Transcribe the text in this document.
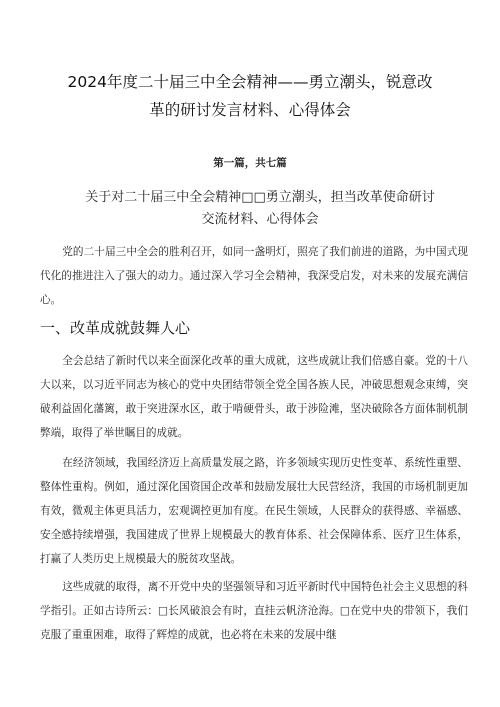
2024年度二十届三中全会精神——勇立潮头，锐意改
革的研讨发言材料、心得体会
第一篇，共七篇
关于对二十届三中全会精神□□勇立潮头，担当改革使命研讨
交流材料、心得体会

党的二十届三中全会的胜利召开，如同一盏明灯，照亮了我们前进的道路，为中国式现代化的推进注入了强大的动力。通过深入学习全会精神，我深受启发，对未来的发展充满信心。

一、改革成就鼓舞人心

全会总结了新时代以来全面深化改革的重大成就，这些成就让我们倍感自豪。党的十八大以来，以习近平同志为核心的党中央团结带领全党全国各族人民，冲破思想观念束缚，突破利益固化藩篱，敢于突进深水区，敢于啃硬骨头，敢于涉险滩，坚决破除各方面体制机制弊端，取得了举世瞩目的成就。

在经济领域，我国经济迈上高质量发展之路，许多领域实现历史性变革、系统性重塑、整体性重构。例如，通过深化国资国企改革和鼓励发展壮大民营经济，我国的市场机制更加有效，微观主体更具活力，宏观调控更加有度。在民生领域，人民群众的获得感、幸福感、安全感持续增强，我国建成了世界上规模最大的教育体系、社会保障体系、医疗卫生体系，打赢了人类历史上规模最大的脱贫攻坚战。

这些成就的取得，离不开党中央的坚强领导和习近平新时代中国特色社会主义思想的科学指引。正如古诗所云：□长风破浪会有时，直挂云帆济沧海。□在党中央的带领下，我们克服了重重困难，取得了辉煌的成就，也必将在未来的发展中继
